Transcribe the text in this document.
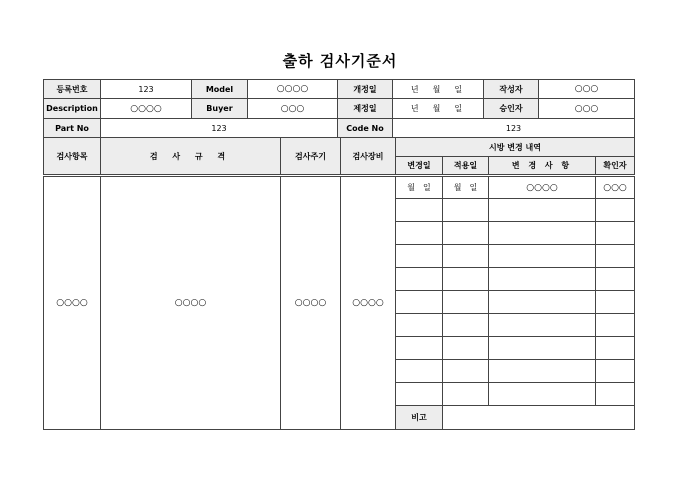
출하 검사기준서
등록번호	123	Model	○○○○	개정일	년　월　일	작성자	○○○
Description	○○○○	Buyer	○○○	제정일	년　월　일	승인자	○○○
Part No	123			Code No	123		
검사항목	검 사 규 격	검사주기	검사장비	시방 변경 내역			
				변경일	적용일	변 경 사 항	확인자
○○○○	○○○○	○○○○	○○○○	월　일	월　일	○○○○	○○○

				비고			
